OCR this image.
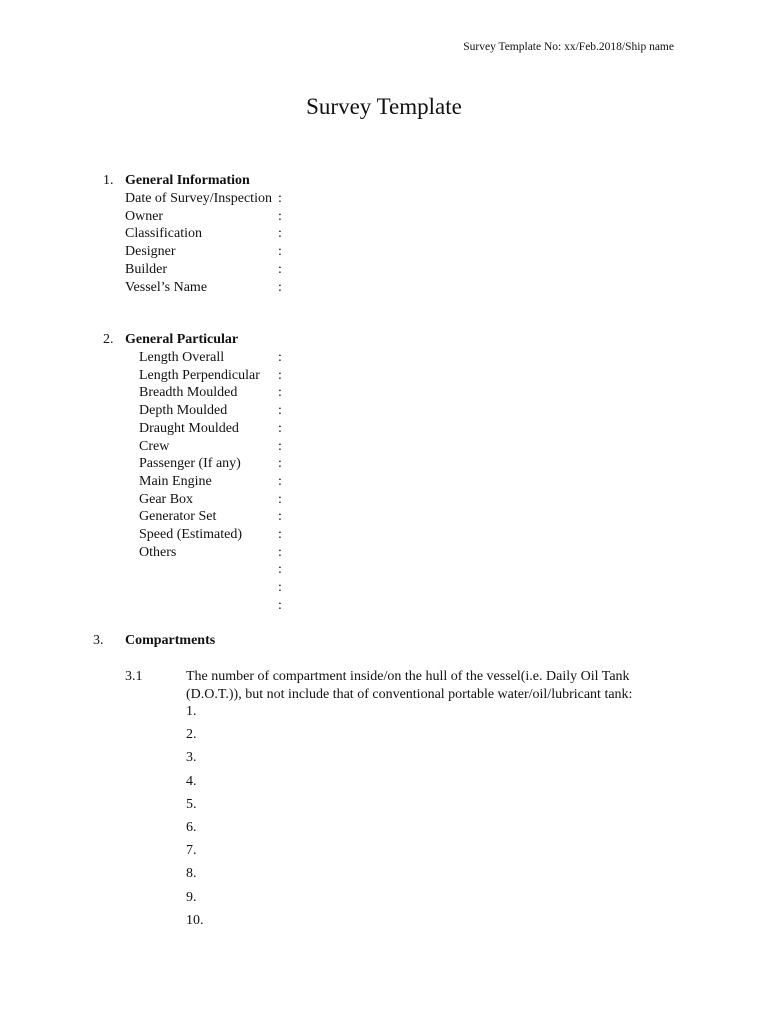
Survey Template No: xx/Feb.2018/Ship name
Survey Template
1. General Information
Date of Survey/Inspection :
Owner	:
Classification	:
Designer	:
Builder	:
Vessel’s Name	:
2. General Particular
Length Overall	:
Length Perpendicular :
Breadth Moulded	:
Depth Moulded	:
Draught Moulded	:
Crew	:
Passenger (If any)	:
Main Engine	:
Gear Box	:
Generator Set	:
Speed (Estimated)	:
Others	:
:
:
:
3. Compartments
3.1	The number of compartment inside/on the hull of the vessel(i.e. Daily Oil Tank
(D.O.T.)), but not include that of conventional portable water/oil/lubricant tank:
1.
2.
3.
4.
5.
6.
7.
8.
9.
10.
